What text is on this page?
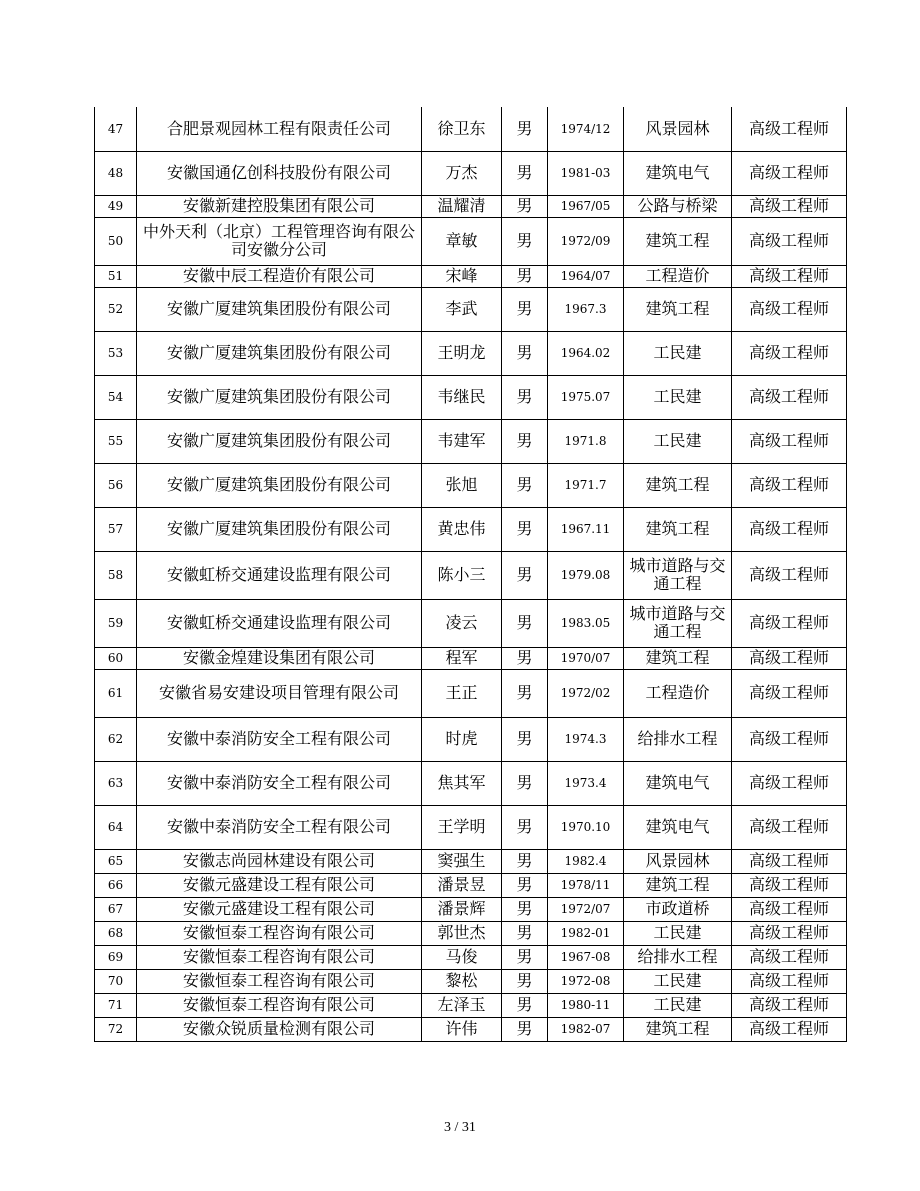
47	合肥景观园林工程有限责任公司	徐卫东	男	1974/12	风景园林	高级工程师
48	安徽国通亿创科技股份有限公司	万杰	男	1981-03	建筑电气	高级工程师
49	安徽新建控股集团有限公司	温耀清	男	1967/05	公路与桥梁	高级工程师
50	中外天利（北京）工程管理咨询有限公司安徽分公司	章敏	男	1972/09	建筑工程	高级工程师
51	安徽中辰工程造价有限公司	宋峰	男	1964/07	工程造价	高级工程师
52	安徽广厦建筑集团股份有限公司	李武	男	1967.3	建筑工程	高级工程师
53	安徽广厦建筑集团股份有限公司	王明龙	男	1964.02	工民建	高级工程师
54	安徽广厦建筑集团股份有限公司	韦继民	男	1975.07	工民建	高级工程师
55	安徽广厦建筑集团股份有限公司	韦建军	男	1971.8	工民建	高级工程师
56	安徽广厦建筑集团股份有限公司	张旭	男	1971.7	建筑工程	高级工程师
57	安徽广厦建筑集团股份有限公司	黄忠伟	男	1967.11	建筑工程	高级工程师
58	安徽虹桥交通建设监理有限公司	陈小三	男	1979.08	城市道路与交通工程	高级工程师
59	安徽虹桥交通建设监理有限公司	凌云	男	1983.05	城市道路与交通工程	高级工程师
60	安徽金煌建设集团有限公司	程军	男	1970/07	建筑工程	高级工程师
61	安徽省易安建设项目管理有限公司	王正	男	1972/02	工程造价	高级工程师
62	安徽中泰消防安全工程有限公司	时虎	男	1974.3	给排水工程	高级工程师
63	安徽中泰消防安全工程有限公司	焦其军	男	1973.4	建筑电气	高级工程师
64	安徽中泰消防安全工程有限公司	王学明	男	1970.10	建筑电气	高级工程师
65	安徽志尚园林建设有限公司	窦强生	男	1982.4	风景园林	高级工程师
66	安徽元盛建设工程有限公司	潘景昱	男	1978/11	建筑工程	高级工程师
67	安徽元盛建设工程有限公司	潘景辉	男	1972/07	市政道桥	高级工程师
68	安徽恒泰工程咨询有限公司	郭世杰	男	1982-01	工民建	高级工程师
69	安徽恒泰工程咨询有限公司	马俊	男	1967-08	给排水工程	高级工程师
70	安徽恒泰工程咨询有限公司	黎松	男	1972-08	工民建	高级工程师
71	安徽恒泰工程咨询有限公司	左泽玉	男	1980-11	工民建	高级工程师
72	安徽众锐质量检测有限公司	许伟	男	1982-07	建筑工程	高级工程师
3 / 31
